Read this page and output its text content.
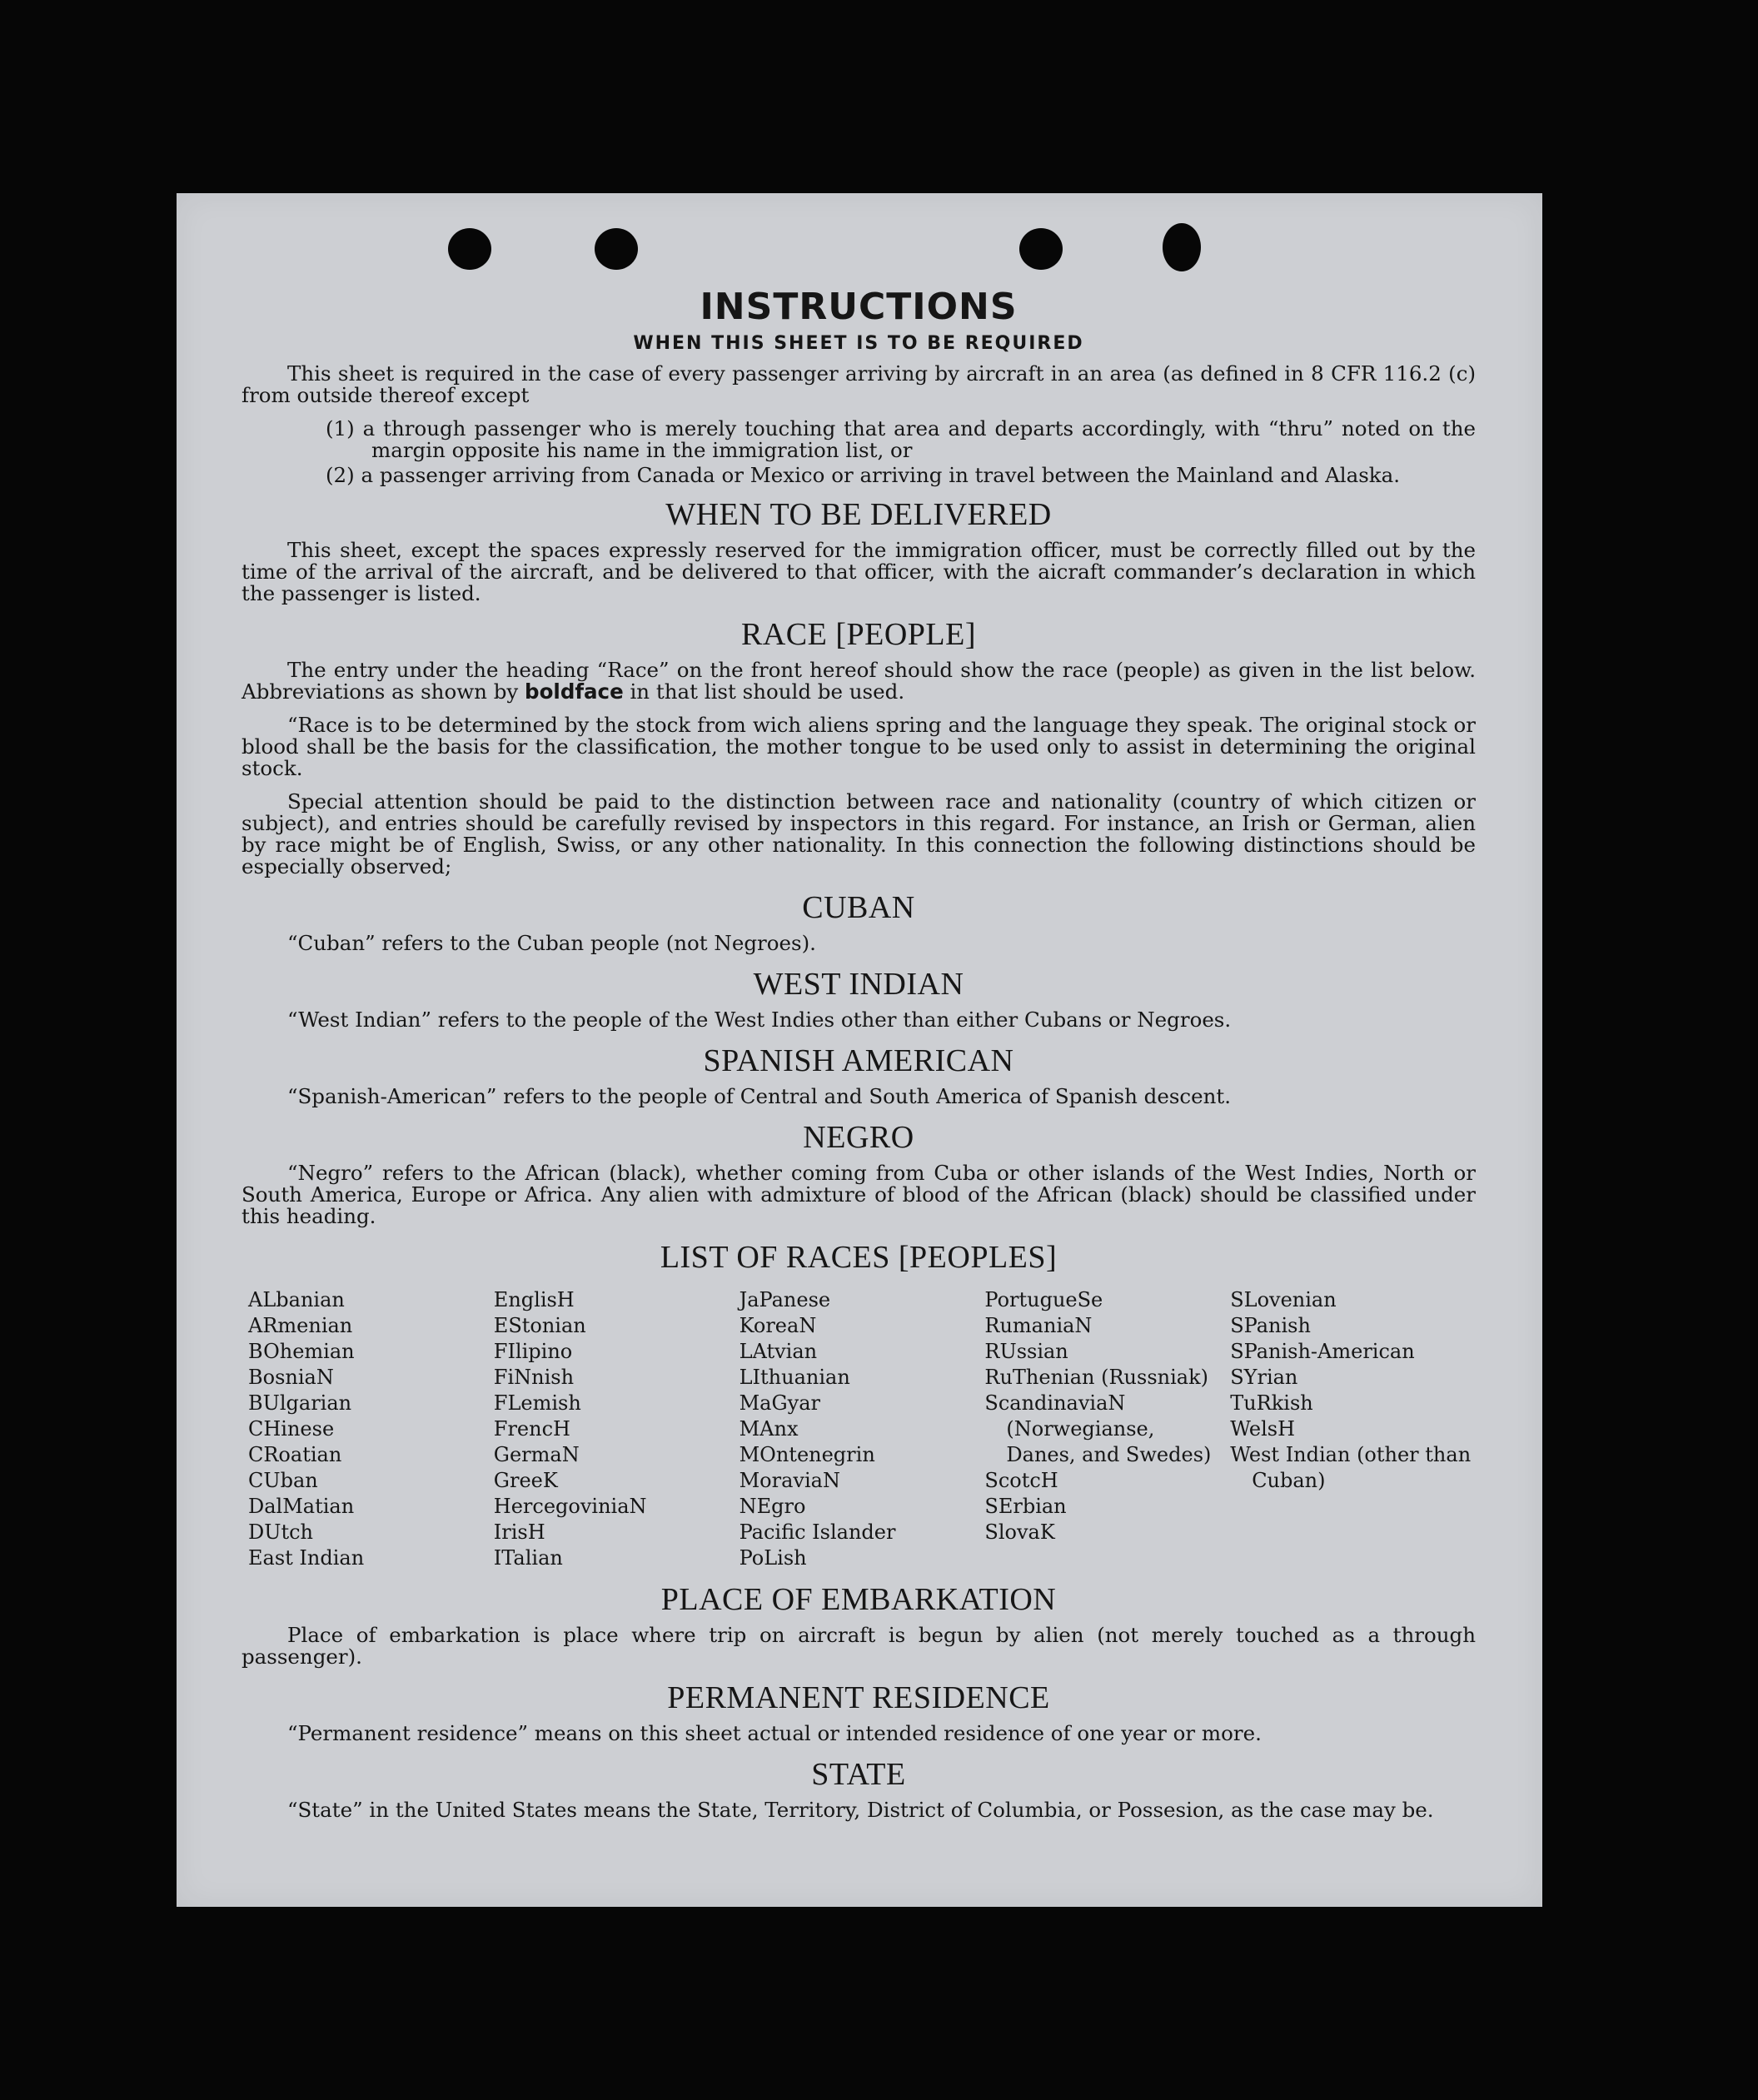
INSTRUCTIONS
WHEN THIS SHEET IS TO BE REQUIRED

This sheet is required in the case of every passenger arriving by aircraft in an area (as defined in 8 CFR 116.2 (c) from outside thereof except

(1) a through passenger who is merely touching that area and departs accordingly, with “thru” noted on the margin opposite his name in the immigration list, or
(2) a passenger arriving from Canada or Mexico or arriving in travel between the Mainland and Alaska.
WHEN TO BE DELIVERED

This sheet, except the spaces expressly reserved for the immigration officer, must be correctly filled out by the time of the arrival of the aircraft, and be delivered to that officer, with the aicraft commander’s declaration in which the passenger is listed.

RACE [PEOPLE]

The entry under the heading “Race” on the front hereof should show the race (people) as given in the list below. Abbreviations as shown by boldface in that list should be used.

“Race is to be determined by the stock from wich aliens spring and the language they speak. The original stock or blood shall be the basis for the classification, the mother tongue to be used only to assist in determining the original stock.

Special attention should be paid to the distinction between race and nationality (country of which citizen or subject), and entries should be carefully revised by inspectors in this regard. For instance, an Irish or German, alien by race might be of English, Swiss, or any other nationality. In this connection the following distinctions should be especially observed;

CUBAN

“Cuban” refers to the Cuban people (not Negroes).

WEST INDIAN

“West Indian” refers to the people of the West Indies other than either Cubans or Negroes.

SPANISH AMERICAN

“Spanish-American” refers to the people of Central and South America of Spanish descent.

NEGRO

“Negro” refers to the African (black), whether coming from Cuba or other islands of the West Indies, North or South America, Europe or Africa. Any alien with admixture of blood of the African (black) should be classified under this heading.

LIST OF RACES [PEOPLES]
ALbanian
ARmenian
BOhemian
BosniaN
BUlgarian
CHinese
CRoatian
CUban
DalMatian
DUtch
East Indian
EnglisH
EStonian
FIlipino
FiNnish
FLemish
FrencH
GermaN
GreeK
HercegoviniaN
IrisH
ITalian
JaPanese
KoreaN
LAtvian
LIthuanian
MaGyar
MAnx
MOntenegrin
MoraviaN
NEgro
Pacific Islander
PoLish
PortugueSe
RumaniaN
RUssian
RuThenian (Russniak)
ScandinaviaN (Norwegianse, Danes, and Swedes)
ScotcH
SErbian
SlovaK
SLovenian
SPanish
SPanish-American
SYrian
TuRkish
WelsH
West Indian (other than Cuban)
PLACE OF EMBARKATION

Place of embarkation is place where trip on aircraft is begun by alien (not merely touched as a through passenger).

PERMANENT RESIDENCE

“Permanent residence” means on this sheet actual or intended residence of one year or more.

STATE

“State” in the United States means the State, Territory, District of Columbia, or Possesion, as the case may be.
